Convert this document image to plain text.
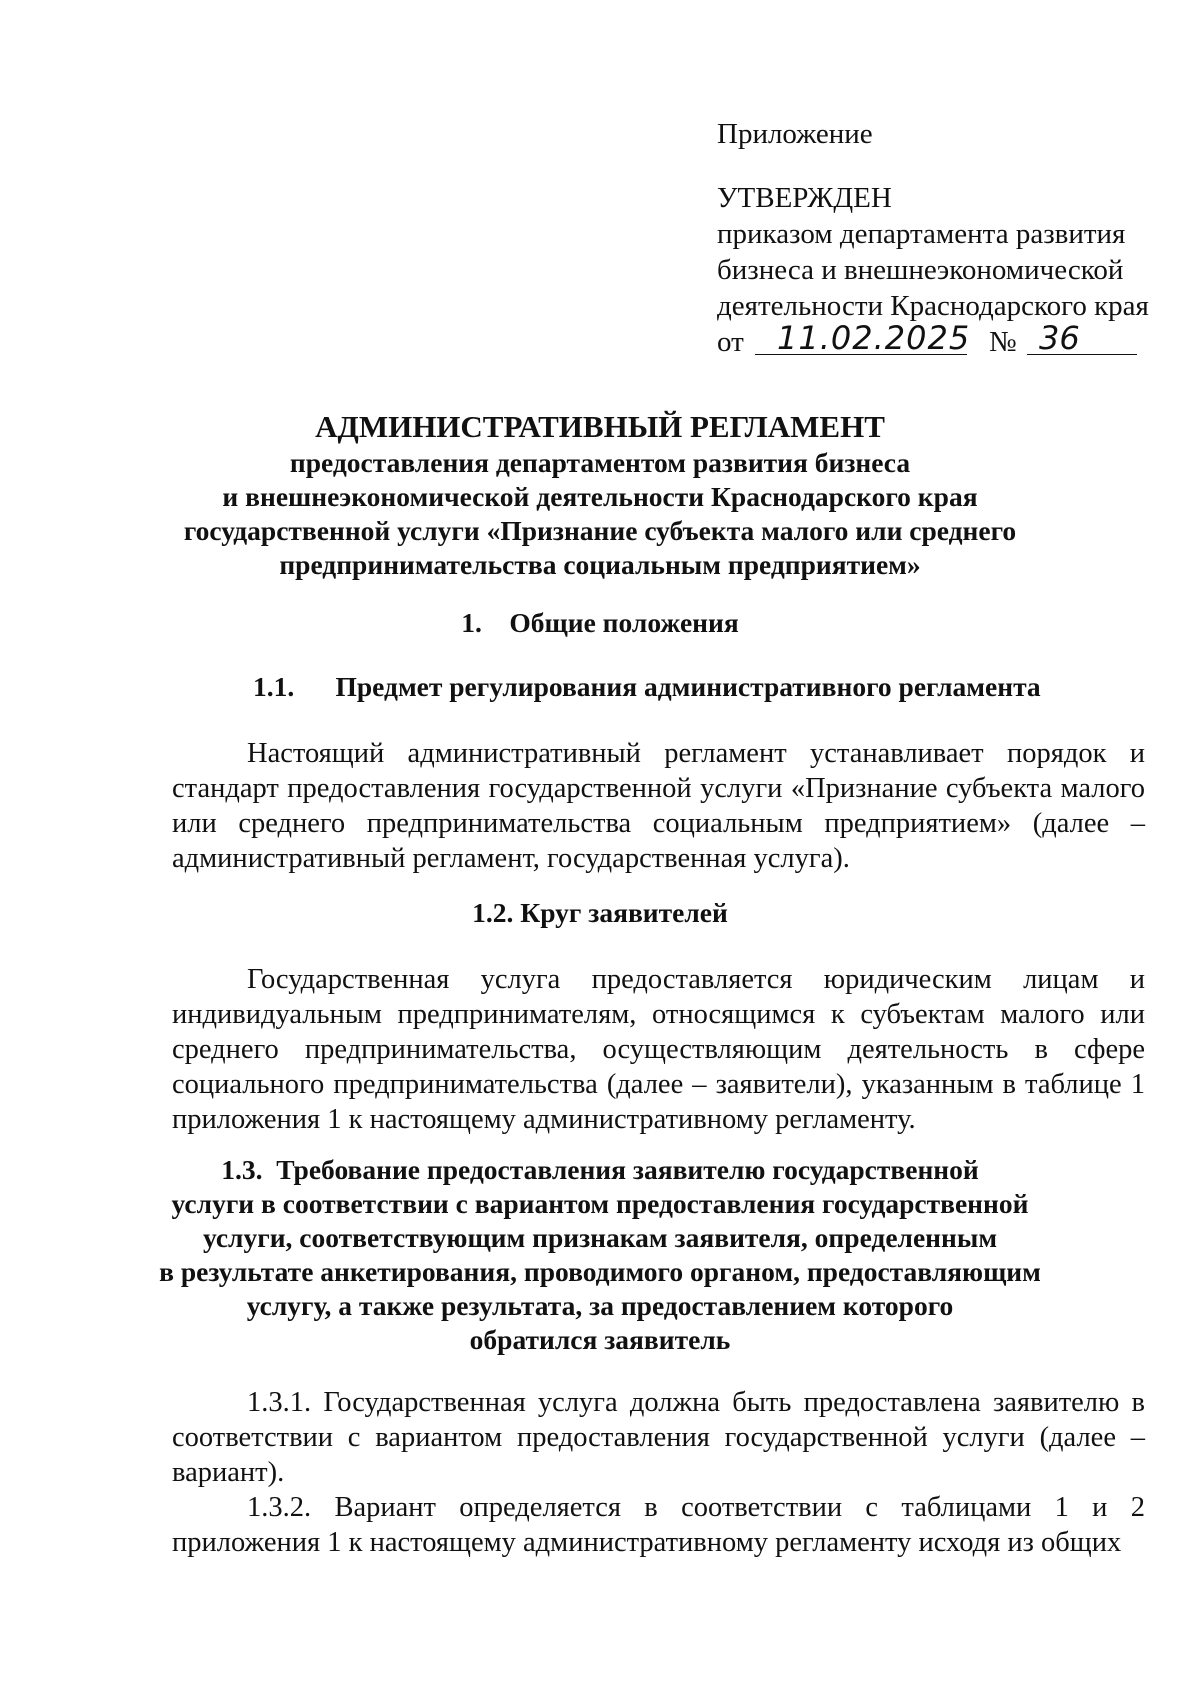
Приложение

УТВЕРЖДЕН

приказом департамента развития

бизнеса и внешнеэкономической

деятельности Краснодарского края

от 11.02.2025 № 36

АДМИНИСТРАТИВНЫЙ РЕГЛАМЕНТ

предоставления департаментом развития бизнеса

и внешнеэкономической деятельности Краснодарского края

государственной услуги «Признание субъекта малого или среднего

предпринимательства социальным предприятием»

1.    Общие положения

1.1.      Предмет регулирования административного регламента

Настоящий административный регламент устанавливает порядок и стандарт предоставления государственной услуги «Признание субъекта малого или среднего предпринимательства социальным предприятием» (далее – административный регламент, государственная услуга).

1.2. Круг заявителей

Государственная услуга предоставляется юридическим лицам и индивидуальным предпринимателям, относящимся к субъектам малого или среднего предпринимательства, осуществляющим деятельность в сфере социального предпринимательства (далее – заявители), указанным в таблице 1 приложения 1 к настоящему административному регламенту.

1.3.  Требование предоставления заявителю государственной
услуги в соответствии с вариантом предоставления государственной
услуги, соответствующим признакам заявителя, определенным
в результате анкетирования, проводимого органом, предоставляющим
услугу, а также результата, за предоставлением которого
обратился заявитель

1.3.1. Государственная услуга должна быть предоставлена заявителю в соответствии с вариантом предоставления государственной услуги (далее – вариант).

1.3.2. Вариант определяется в соответствии с таблицами 1 и 2 приложения 1 к настоящему административному регламенту исходя из общих
